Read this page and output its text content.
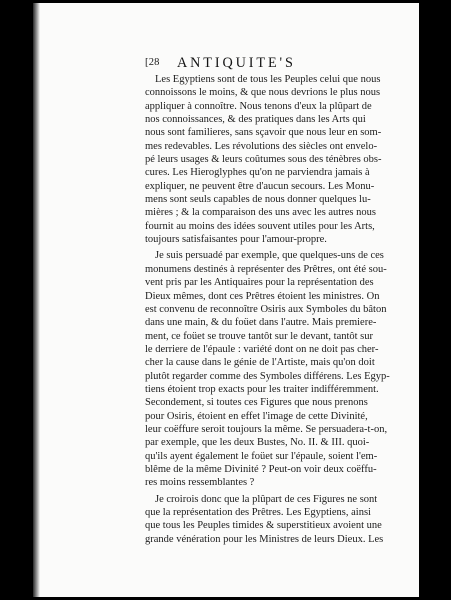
[28 ANTIQUITE'S
Les Egyptiens sont de tous les Peuples celui que nous
connoissons le moins, & que nous devrions le plus nous
appliquer à connoître. Nous tenons d'eux la plûpart de
nos connoissances, & des pratiques dans les Arts qui
nous sont familieres, sans sçavoir que nous leur en som-
mes redevables. Les révolutions des siècles ont envelo-
pé leurs usages & leurs coûtumes sous des ténèbres obs-
cures. Les Hieroglyphes qu'on ne parviendra jamais à
expliquer, ne peuvent être d'aucun secours. Les Monu-
mens sont seuls capables de nous donner quelques lu-
mières ; & la comparaison des uns avec les autres nous
fournit au moins des idées souvent utiles pour les Arts,
toujours satisfaisantes pour l'amour-propre.
Je suis persuadé par exemple, que quelques-uns de ces
monumens destinés à représenter des Prêtres, ont été sou-
vent pris par les Antiquaires pour la représentation des
Dieux mêmes, dont ces Prêtres étoient les ministres. On
est convenu de reconnoître Osiris aux Symboles du bâton
dans une main, & du foüet dans l'autre. Mais premiere-
ment, ce foüet se trouve tantôt sur le devant, tantôt sur
le derriere de l'épaule : variété dont on ne doit pas cher-
cher la cause dans le génie de l'Artiste, mais qu'on doit
plutôt regarder comme des Symboles différens. Les Egyp-
tiens étoient trop exacts pour les traiter indifféremment.
Secondement, si toutes ces Figures que nous prenons
pour Osiris, étoient en effet l'image de cette Divinité,
leur coëffure seroit toujours la même. Se persuadera-t-on,
par exemple, que les deux Bustes, No. II. & III. quoi-
qu'ils ayent également le foüet sur l'épaule, soient l'em-
blême de la même Divinité ? Peut-on voir deux coëffu-
res moins ressemblantes ?
Je croirois donc que la plûpart de ces Figures ne sont
que la représentation des Prêtres. Les Egyptiens, ainsi
que tous les Peuples timides & superstitieux avoient une
grande vénération pour les Ministres de leurs Dieux. Les
